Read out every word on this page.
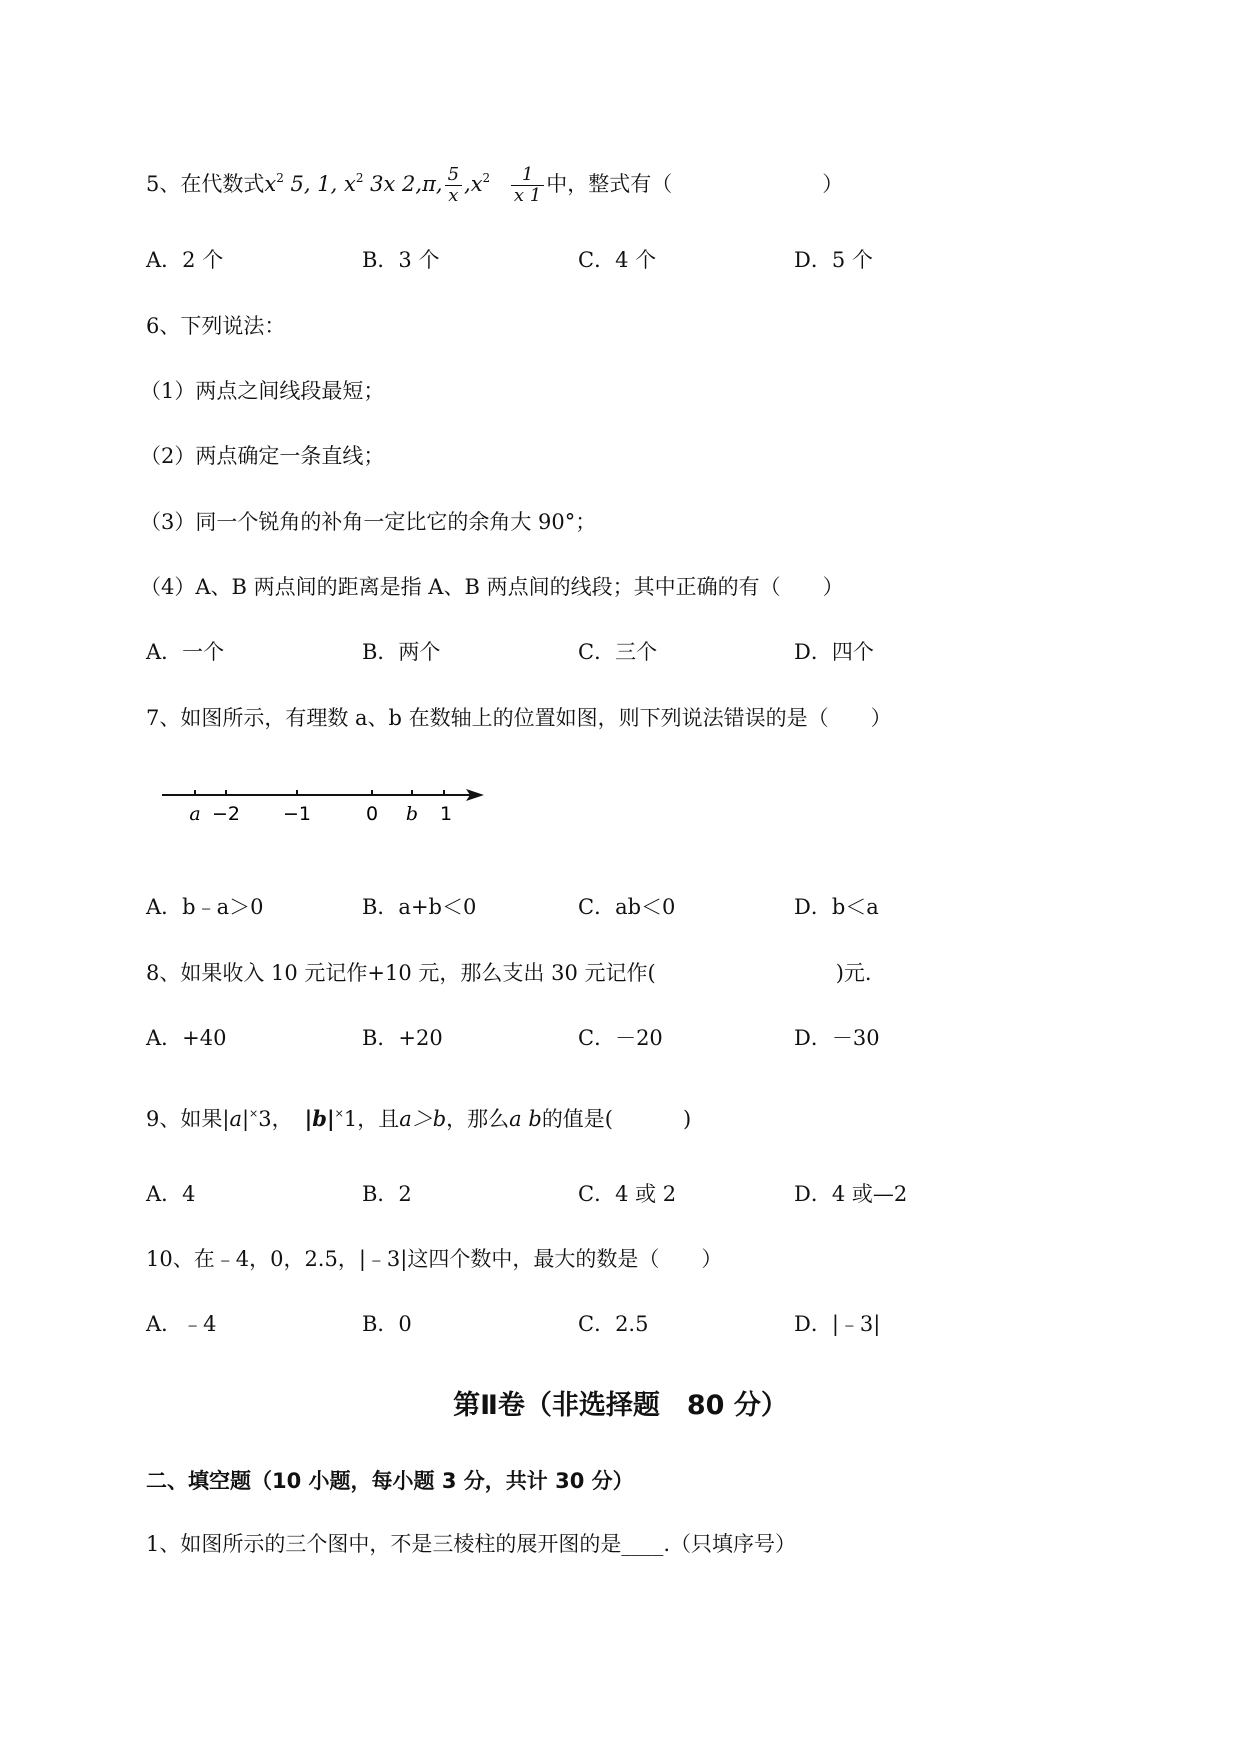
5、在代数式$x^2$ 5, 1, $x^2$ 3x 2,π, $\frac{5}{x} ,x^2 \frac{1}{x 1}$ 中，整式有（	）
A．2 个	B．3 个	C．4 个	D．5 个
6、下列说法：
（1）两点之间线段最短；
（2）两点确定一条直线；
（3）同一个锐角的补角一定比它的余角大 90°；
（4）A、B 两点间的距离是指 A、B 两点间的线段；其中正确的有（　　）
A．一个	B．两个	C．三个	D．四个
7、如图所示，有理数 a、b 在数轴上的位置如图，则下列说法错误的是（　　）
a −2 −1	0 b 1
A．b﹣a＞0	B．a+b＜0	C．ab＜0	D．b＜a
8、如果收入 10 元记作+10 元，那么支出 30 元记作(	)元.
A．+40	B．+20	C．－20	D．－30
9、如果|a|×3， |b|×1，且a＞b，那么a b的值是(	)
A．4	B．2	C．4 或 2	D．4 或—2
10、在﹣4，0，2.5，|﹣3|这四个数中，最大的数是（　　）
A．﹣4	B．0	C．2.5	D．|﹣3|
第Ⅱ卷（非选择题　80 分）
二、填空题（10 小题，每小题 3 分，共计 30 分）
1、如图所示的三个图中，不是三棱柱的展开图的是____.（只填序号）
